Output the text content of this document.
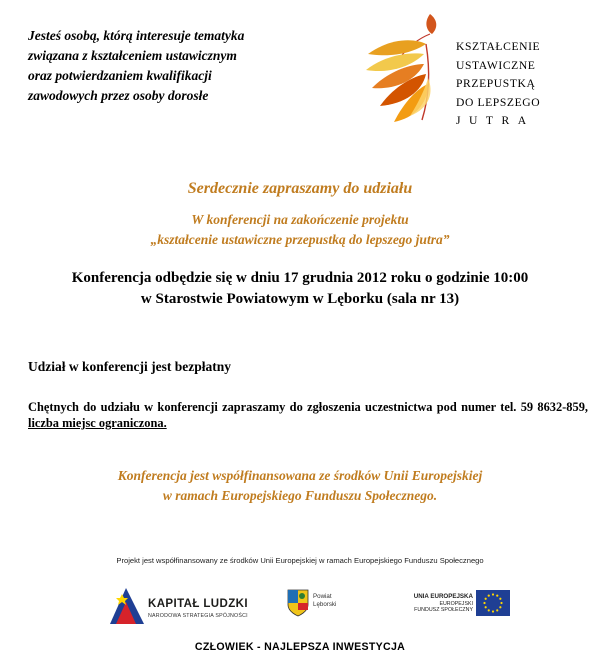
Jesteś osobą, którą interesuje tematyka
związana z kształceniem ustawicznym
oraz potwierdzaniem kwalifikacji
zawodowych przez osoby dorosłe
KSZTAŁCENIE
USTAWICZNE
PRZEPUSTKĄ
DO LEPSZEGO
JUTRA
Serdecznie zapraszamy do udziału
W konferencji na zakończenie projektu
„kształcenie ustawiczne przepustką do lepszego jutra”
Konferencja odbędzie się w dniu 17 grudnia 2012 roku o godzinie 10:00
w Starostwie Powiatowym w Lęborku (sala nr 13)
Udział w konferencji jest bezpłatny
Chętnych do udziału w konferencji zapraszamy do zgłoszenia uczestnictwa pod numer tel. 59 8632-859, liczba miejsc ograniczona.
Konferencja jest współfinansowana ze środków Unii Europejskiej
w ramach Europejskiego Funduszu Społecznego.
Projekt jest współfinansowany ze środków Unii Europejskiej w ramach Europejskiego Funduszu Społecznego
KAPITAŁ LUDZKI
NARODOWA STRATEGIA SPÓJNOŚCI
Powiat
Lęborski
UNIA EUROPEJSKA
EUROPEJSKI
FUNDUSZ SPOŁECZNY
CZŁOWIEK - NAJLEPSZA INWESTYCJA
